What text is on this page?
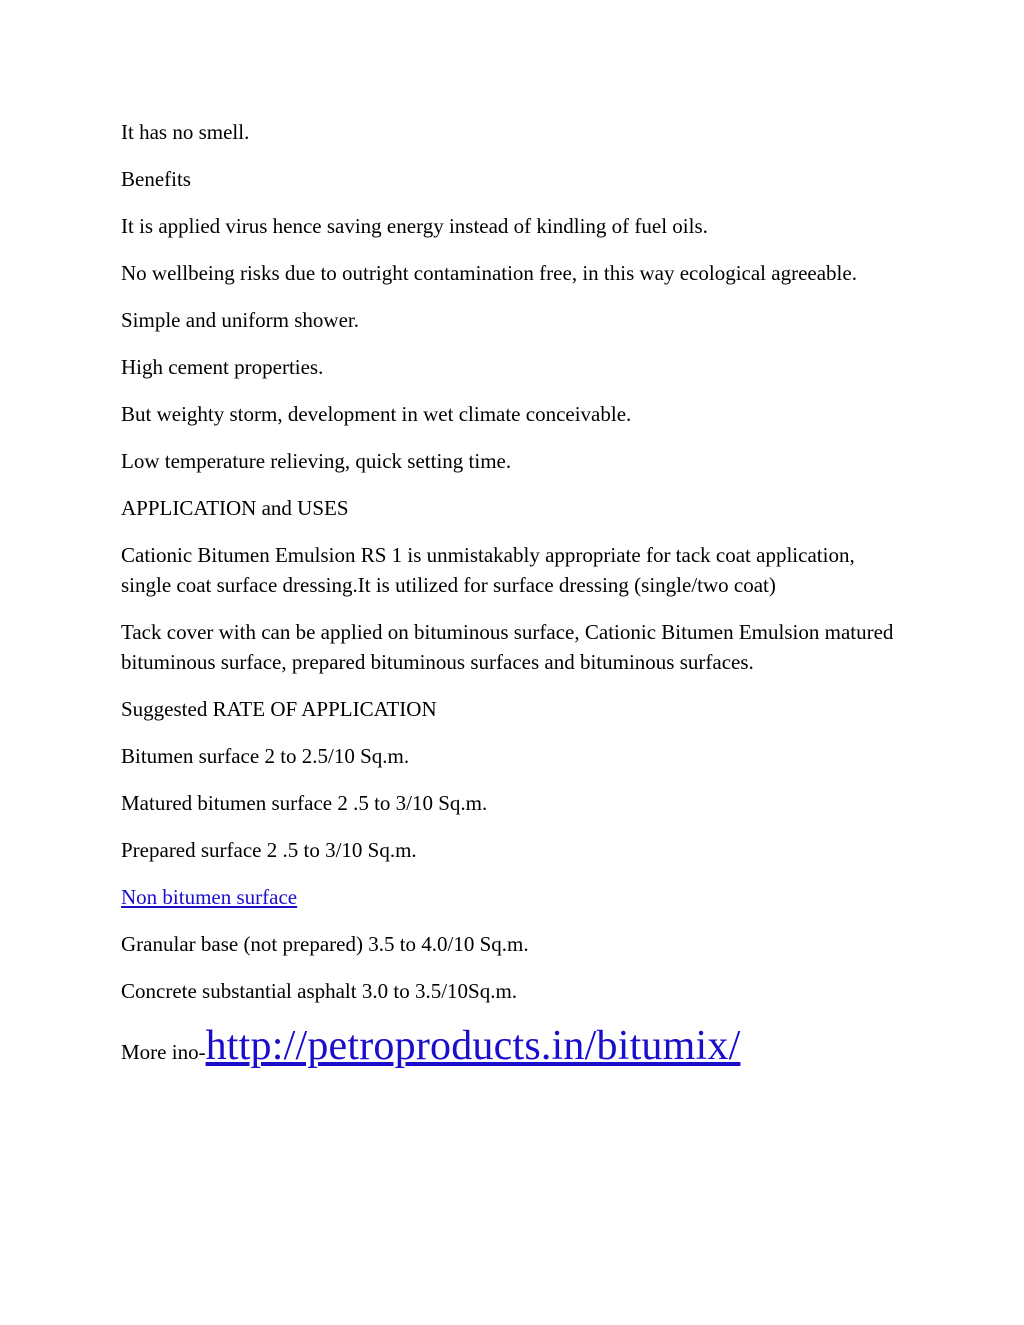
It has no smell.

Benefits

It is applied virus hence saving energy instead of kindling of fuel oils.

No wellbeing risks due to outright contamination free, in this way ecological agreeable.

Simple and uniform shower.

High cement properties.

But weighty storm, development in wet climate conceivable.

Low temperature relieving, quick setting time.

APPLICATION and USES

Cationic Bitumen Emulsion RS 1 is unmistakably appropriate for tack coat application, single coat surface dressing.It is utilized for surface dressing (single/two coat)

Tack cover with can be applied on bituminous surface, Cationic Bitumen Emulsion matured bituminous surface, prepared bituminous surfaces and bituminous surfaces.

Suggested RATE OF APPLICATION

Bitumen surface 2 to 2.5/10 Sq.m.

Matured bitumen surface 2 .5 to 3/10 Sq.m.

Prepared surface 2 .5 to 3/10 Sq.m.

Non bitumen surface

Granular base (not prepared) 3.5 to 4.0/10 Sq.m.

Concrete substantial asphalt 3.0 to 3.5/10Sq.m.

More ino-http://petroproducts.in/bitumix/
